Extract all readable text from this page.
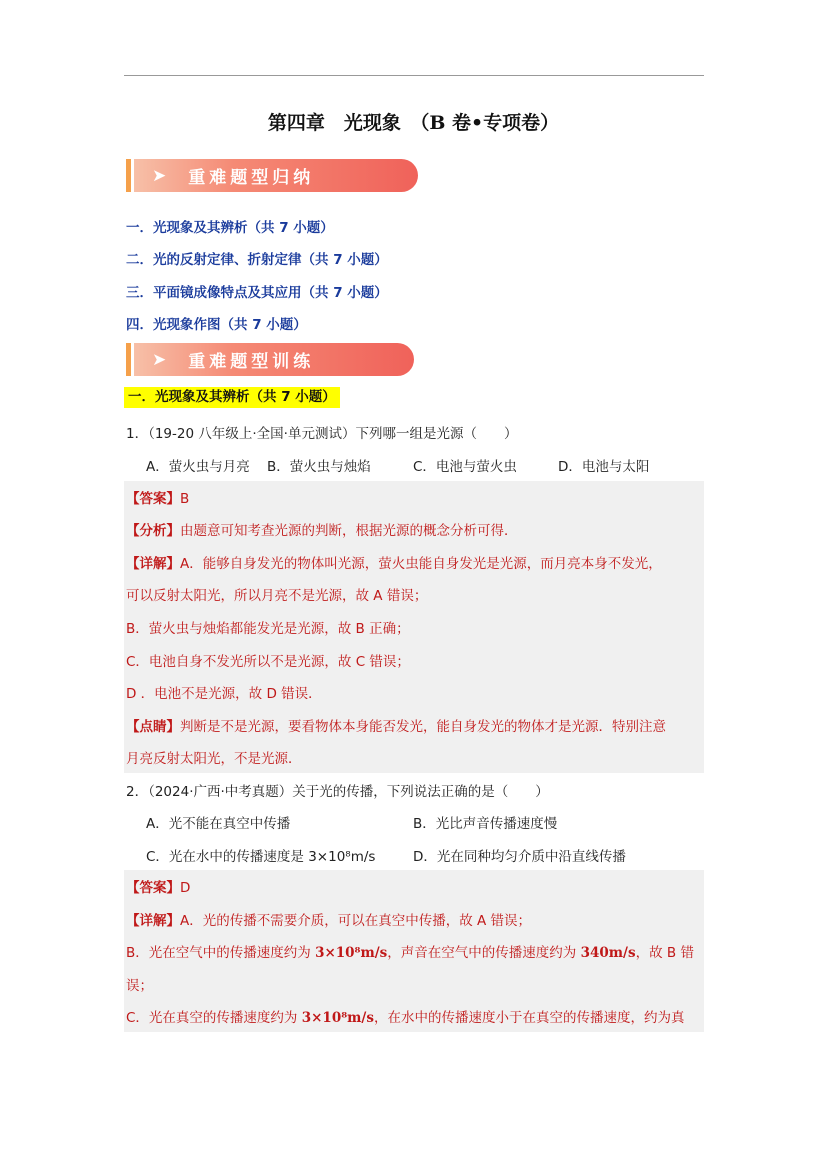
第四章　光现象　（B 卷•专项卷）
➤ 重难题型归纳
一．光现象及其辨析（共 7 小题）
二．光的反射定律、折射定律（共 7 小题）
三．平面镜成像特点及其应用（共 7 小题）
四．光现象作图（共 7 小题）
➤ 重难题型训练
一．光现象及其辨析（共 7 小题）
1．（19-20 八年级上·全国·单元测试）下列哪一组是光源（　　）
A．萤火虫与月亮 B．萤火虫与烛焰	C．电池与萤火虫	D．电池与太阳
【答案】B
【分析】由题意可知考查光源的判断，根据光源的概念分析可得．
【详解】A．能够自身发光的物体叫光源，萤火虫能自身发光是光源，而月亮本身不发光，
可以反射太阳光，所以月亮不是光源，故 A 错误；
B．萤火虫与烛焰都能发光是光源，故 B 正确；
C．电池自身不发光所以不是光源，故 C 错误；
D ．电池不是光源，故 D 错误．
【点睛】判断是不是光源，要看物体本身能否发光，能自身发光的物体才是光源．特别注意
月亮反射太阳光，不是光源．
2．（2024·广西·中考真题）关于光的传播，下列说法正确的是（　　）
A．光不能在真空中传播	B．光比声音传播速度慢
C．光在水中的传播速度是 3×10⁸m/s	D．光在同种均匀介质中沿直线传播
【答案】D
【详解】A．光的传播不需要介质，可以在真空中传播，故 A 错误；
B．光在空气中的传播速度约为 3×10⁸m/s，声音在空气中的传播速度约为 340m/s，故 B 错
误；
C．光在真空的传播速度约为 3×10⁸m/s，在水中的传播速度小于在真空的传播速度，约为真
